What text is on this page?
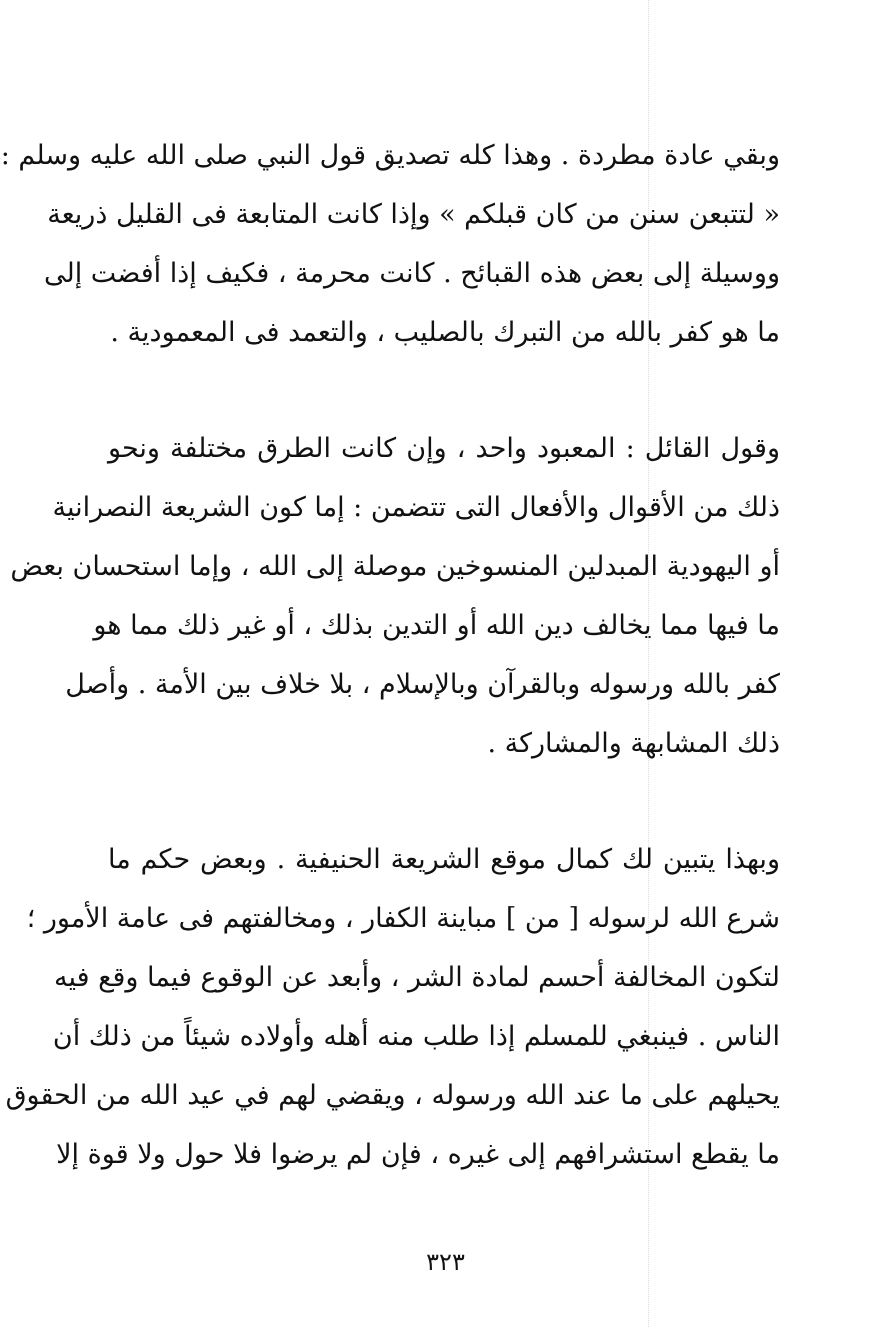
وبقي عادة مطردة . وهذا كله تصديق قول النبي صلى الله عليه وسلم :
« لتتبعن سنن من كان قبلكم » وإذا كانت المتابعة فى القليل ذريعة
ووسيلة إلى بعض هذه القبائح . كانت محرمة ، فكيف إذا أفضت إلى
ما هو كفر بالله من التبرك بالصليب ، والتعمد فى المعمودية .
وقول القائل : المعبود واحد ، وإن كانت الطرق مختلفة ونحو
ذلك من الأقوال والأفعال التى تتضمن : إما كون الشريعة النصرانية
أو اليهودية المبدلين المنسوخين موصلة إلى الله ، وإما استحسان بعض
ما فيها مما يخالف دين الله أو التدين بذلك ، أو غير ذلك مما هو
كفر بالله ورسوله وبالقرآن وبالإسلام ، بلا خلاف بين الأمة . وأصل
ذلك المشابهة والمشاركة .
وبهذا يتبين لك كمال موقع الشريعة الحنيفية . وبعض حكم ما
شرع الله لرسوله [ من ] مباينة الكفار ، ومخالفتهم فى عامة الأمور ؛
لتكون المخالفة أحسم لمادة الشر ، وأبعد عن الوقوع فيما وقع فيه
الناس . فينبغي للمسلم إذا طلب منه أهله وأولاده شيئاً من ذلك أن
يحيلهم على ما عند الله ورسوله ، ويقضي لهم في عيد الله من الحقوق
ما يقطع استشرافهم إلى غيره ، فإن لم يرضوا فلا حول ولا قوة إلا
٣٢٣
